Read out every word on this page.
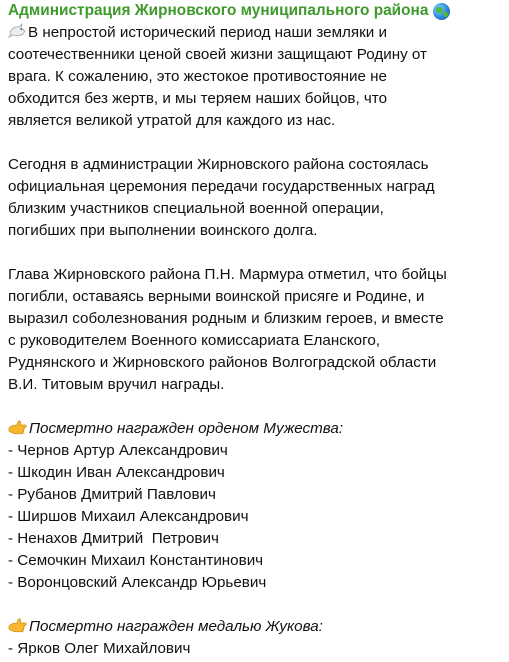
Администрация Жирновского муниципального района
В непростой исторический период наши земляки и
соотечественники ценой своей жизни защищают Родину от
врага. К сожалению, это жестокое противостояние не
обходится без жертв, и мы теряем наших бойцов, что
является великой утратой для каждого из нас.
Сегодня в администрации Жирновского района состоялась
официальная церемония передачи государственных наград
близким участников специальной военной операции,
погибших при выполнении воинского долга.
Глава Жирновского района П.Н. Мармура отметил, что бойцы
погибли, оставаясь верными воинской присяге и Родине, и
выразил соболезнования родным и близким героев, и вместе
с руководителем Военного комиссариата Еланского,
Руднянского и Жирновского районов Волгоградской области
В.И. Титовым вручил награды.
Посмертно награжден орденом Мужества:
- Чернов Артур Александрович
- Шкодин Иван Александрович
- Рубанов Дмитрий Павлович
- Ширшов Михаил Александрович
- Ненахов Дмитрий  Петрович
- Семочкин Михаил Константинович
- Воронцовский Александр Юрьевич
Посмертно награжден медалью Жукова:
- Ярков Олег Михайлович
